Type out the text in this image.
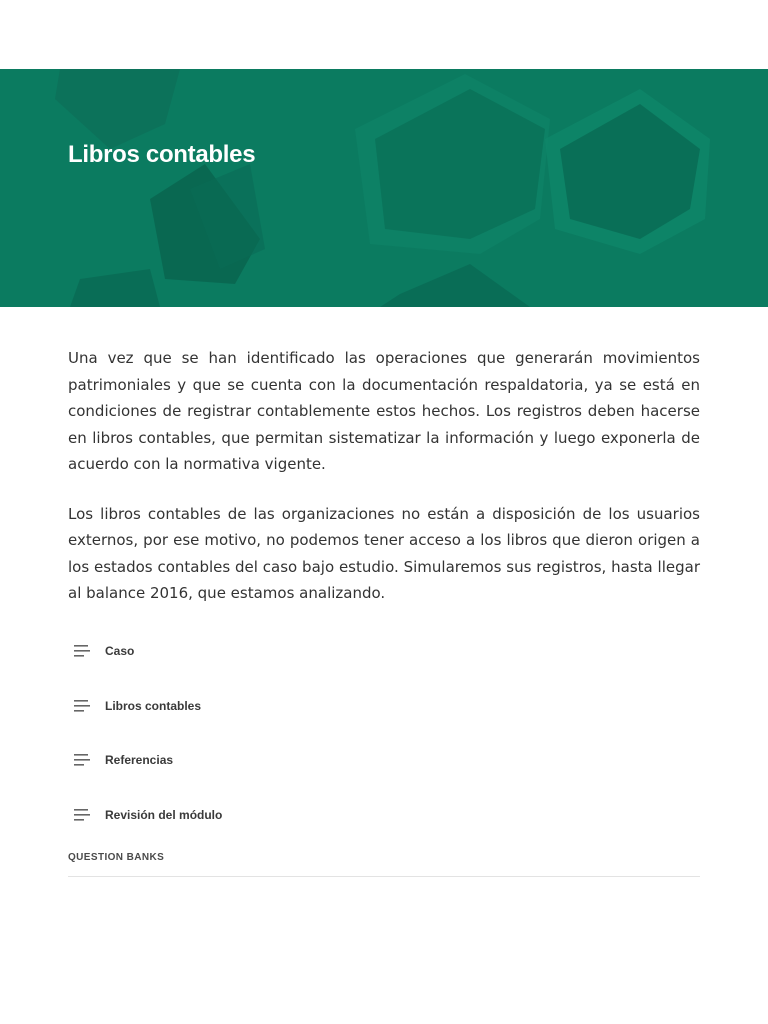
Libros contables

Una vez que se han identificado las operaciones que generarán movimientos patrimoniales y que se cuenta con la documentación respaldatoria, ya se está en condiciones de registrar contablemente estos hechos. Los registros deben hacerse en libros contables, que permitan sistematizar la información y luego exponerla de acuerdo con la normativa vigente.

Los libros contables de las organizaciones no están a disposición de los usuarios externos, por ese motivo, no podemos tener acceso a los libros que dieron origen a los estados contables del caso bajo estudio. Simularemos sus registros, hasta llegar al balance 2016, que estamos analizando.

Caso
Libros contables
Referencias
Revisión del módulo
QUESTION BANKS
